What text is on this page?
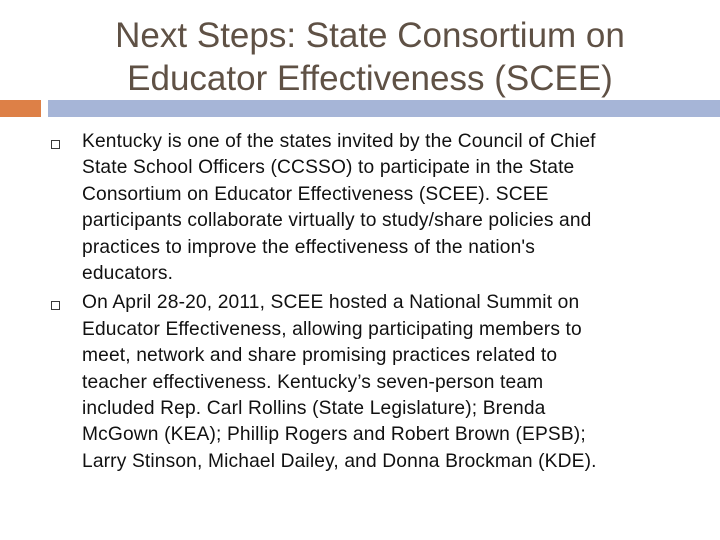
Next Steps: State Consortium on
Educator Effectiveness (SCEE)
Kentucky is one of the states invited by the Council of Chief
State School Officers (CCSSO) to participate in the State
Consortium on Educator Effectiveness (SCEE). SCEE
participants collaborate virtually to study/share policies and
practices to improve the effectiveness of the nation's
educators.
On April 28-20, 2011, SCEE hosted a National Summit on
Educator Effectiveness, allowing participating members to
meet, network and share promising practices related to
teacher effectiveness. Kentucky’s seven-person team
included Rep. Carl Rollins (State Legislature); Brenda
McGown (KEA); Phillip Rogers and Robert Brown (EPSB);
Larry Stinson, Michael Dailey, and Donna Brockman (KDE).
